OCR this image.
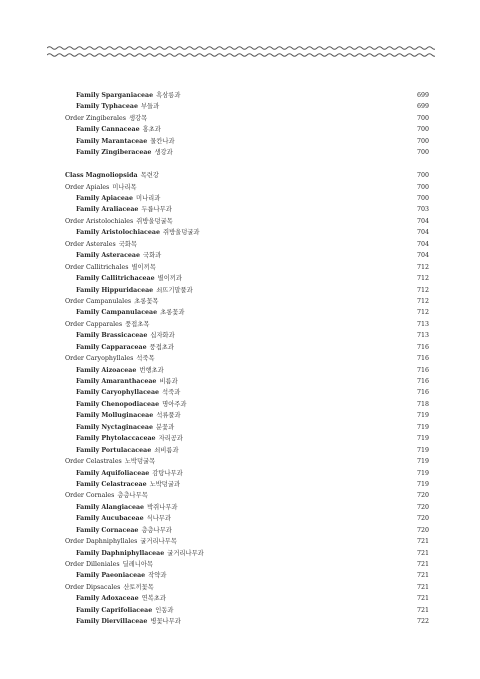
Family Sparganiaceae 흑삼릉과	699
Family Typhaceae 부들과	699
Order Zingiberales 생강목	700
Family Cannaceae 홍초과	700
Family Marantaceae 물칸나과	700
Family Zingiberaceae 생강과	700
Class Magnoliopsida 목련강	700
Order Apiales 미나리목	700
Family Apiaceae 미나리과	700
Family Araliaceae 두릅나무과	703
Order Aristolochiales 쥐방울덩굴목	704
Family Aristolochiaceae 쥐방울덩굴과	704
Order Asterales 국화목	704
Family Asteraceae 국화과	704
Order Callitrichales 별이끼목	712
Family Callitrichaceae 별이끼과	712
Family Hippuridaceae 쇠뜨기말풀과	712
Order Campanulales 초롱꽃목	712
Family Campanulaceae 초롱꽃과	712
Order Capparales 풍접초목	713
Family Brassicaceae 십자화과	713
Family Capparaceae 풍접초과	716
Order Caryophyllales 석죽목	716
Family Aizoaceae 번행초과	716
Family Amaranthaceae 비름과	716
Family Caryophyllaceae 석죽과	716
Family Chenopodiaceae 명아주과	718
Family Molluginaceae 석류풀과	719
Family Nyctaginaceae 분꽃과	719
Family Phytolaccaceae 자리공과	719
Family Portulacaceae 쇠비름과	719
Order Celastrales 노박덩굴목	719
Family Aquifoliaceae 감탕나무과	719
Family Celastraceae 노박덩굴과	719
Order Cornales 층층나무목	720
Family Alangiaceae 박쥐나무과	720
Family Aucubaceae 식나무과	720
Family Cornaceae 층층나무과	720
Order Daphniphyllales 굴거리나무목	721
Family Daphniphyllaceae 굴거리나무과	721
Order Dilleniales 딜레니아목	721
Family Paeoniaceae 작약과	721
Order Dipsacales 산토끼꽃목	721
Family Adoxaceae 연복초과	721
Family Caprifoliaceae 인동과	721
Family Diervillaceae 병꽃나무과	722
